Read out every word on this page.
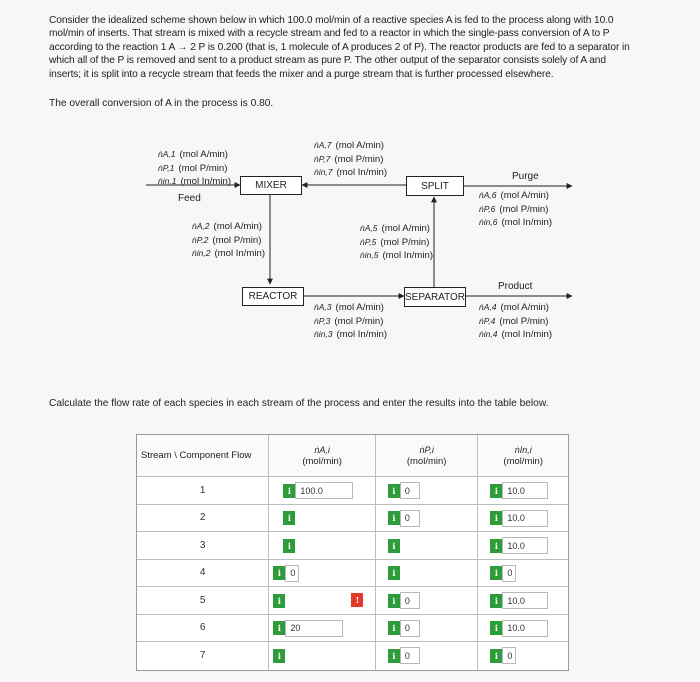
Consider the idealized scheme shown below in which 100.0 mol/min of a reactive species A is fed to the process along with 10.0

mol/min of inserts. That stream is mixed with a recycle stream and fed to a reactor in which the single-pass conversion of A to P

according to the reaction 1 A → 2 P is 0.200 (that is, 1 molecule of A produces 2 of P). The reactor products are fed to a separator in

which all of the P is removed and sent to a product stream as pure P. The other output of the separator consists solely of A and

inserts; it is split into a recycle stream that feeds the mixer and a purge stream that is further processed elsewhere.

The overall conversion of A in the process is 0.80.
MIXER	SPLIT
REACTOR	SEPARATOR
Feed
Purge
Product
ṅA,1 (mol A/min)
ṅP,1 (mol P/min)
ṅin,1 (mol In/min)
ṅA,7 (mol A/min)
ṅP,7 (mol P/min)
ṅin,7 (mol In/min)
ṅA,6 (mol A/min)
ṅP,6 (mol P/min)
ṅin,6 (mol In/min)
ṅA,2 (mol A/min)
ṅP,2 (mol P/min)
ṅin,2 (mol In/min)
ṅA,5 (mol A/min)
ṅP,5 (mol P/min)
ṅin,5 (mol In/min)
ṅA,3 (mol A/min)
ṅP,3 (mol P/min)
ṅin,3 (mol In/min)
ṅA,4 (mol A/min)
ṅP,4 (mol P/min)
ṅin,4 (mol In/min)
Calculate the flow rate of each species in each stream of the process and enter the results into the table below.
Stream \ Component Flow	ṅA,i
(mol/min)
ṅP,i
(mol/min)
ṅIn,i
(mol/min)
1	i	100.0	i	0	i	10.0
2	i	i	0	i	10.0
3	i	i	i	10.0
4	i	0	i	i	0
5	i	!	i	0	i	10.0
6	i	20	i	0	i	10.0
7	i	i	0	i	0
